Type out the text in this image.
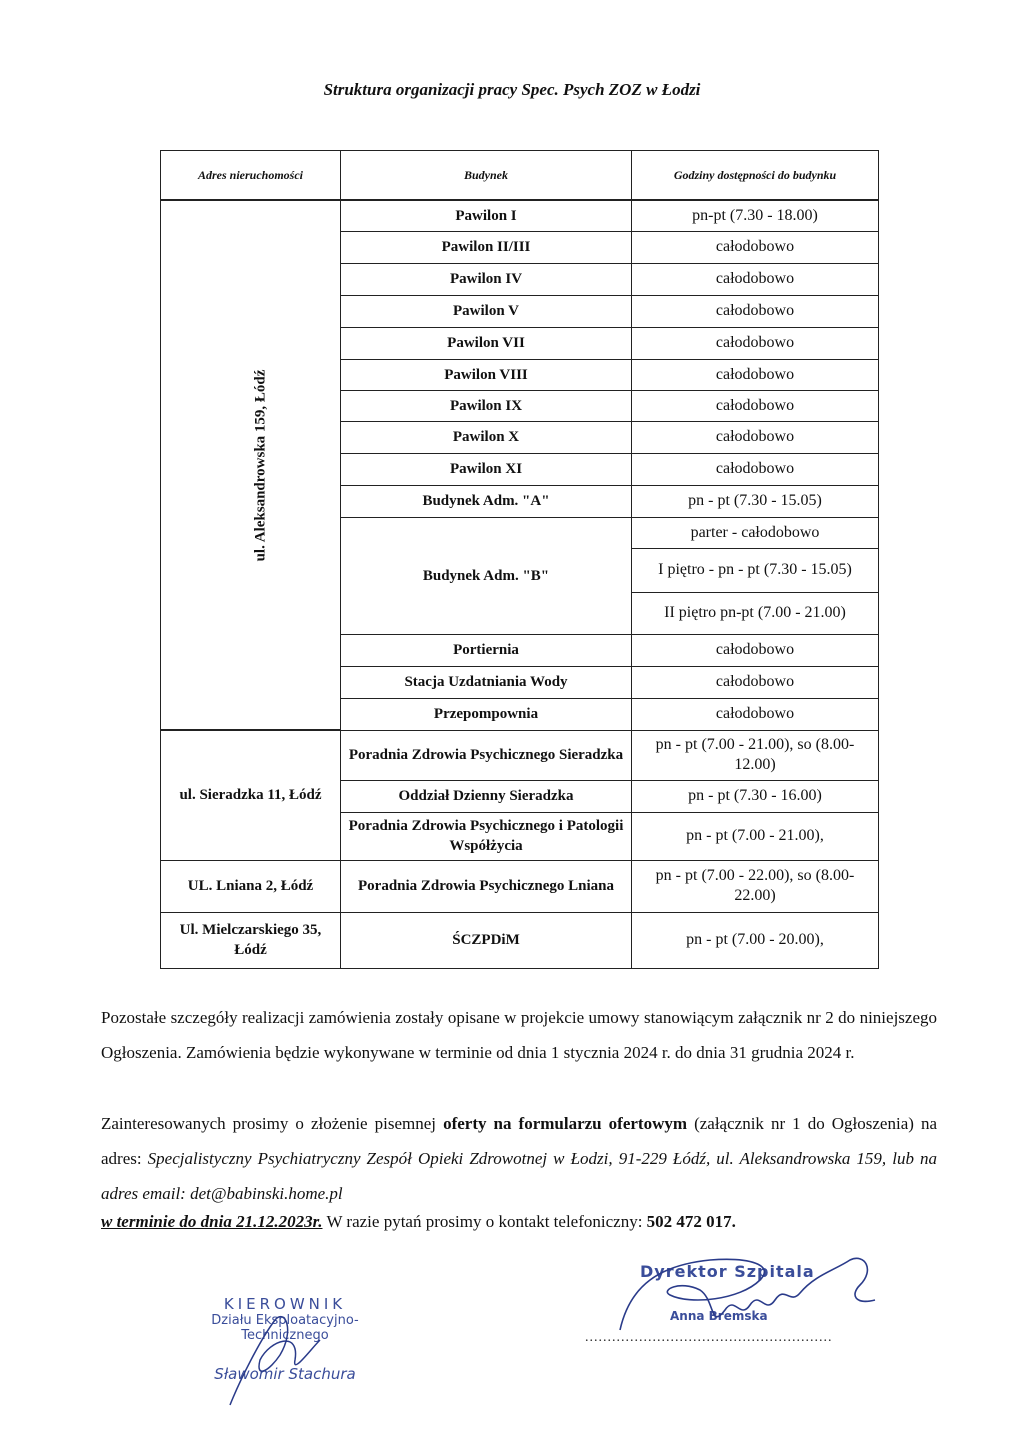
Struktura organizacji pracy Spec. Psych ZOZ w Łodzi
Adres nieruchomości	Budynek	Godziny dostępności do budynku
ul. Aleksandrowska 159, Łódź	Pawilon I	pn-pt (7.30 - 18.00)
	Pawilon II/III	całodobowo
	Pawilon IV	całodobowo
	Pawilon V	całodobowo
	Pawilon VII	całodobowo
	Pawilon VIII	całodobowo
	Pawilon IX	całodobowo
	Pawilon X	całodobowo
	Pawilon XI	całodobowo
	Budynek Adm. "A"	pn - pt (7.30 - 15.05)
	Budynek Adm. "B"	parter - całodobowo
		I piętro - pn - pt (7.30 - 15.05)
		II piętro pn-pt (7.00 - 21.00)
	Portiernia	całodobowo
	Stacja Uzdatniania Wody	całodobowo
	Przepompownia	całodobowo
ul. Sieradzka 11, Łódź	Poradnia Zdrowia Psychicznego Sieradzka	pn - pt (7.00 - 21.00), so (8.00-12.00)
	Oddział Dzienny Sieradzka	pn - pt (7.30 - 16.00)
	Poradnia Zdrowia Psychicznego i Patologii Współżycia	pn - pt (7.00 - 21.00),
UL. Lniana 2, Łódź	Poradnia Zdrowia Psychicznego Lniana	pn - pt (7.00 - 22.00), so (8.00-22.00)
Ul. Mielczarskiego 35, Łódź	ŚCZPDiM	pn - pt (7.00 - 20.00),
Pozostałe szczegóły realizacji zamówienia zostały opisane w projekcie umowy stanowiącym załącznik nr 2 do niniejszego Ogłoszenia. Zamówienia będzie wykonywane w terminie od dnia 1 stycznia 2024 r. do dnia 31 grudnia 2024 r.
Zainteresowanych prosimy o złożenie pisemnej oferty na formularzu ofertowym (załącznik nr 1 do Ogłoszenia) na adres: Specjalistyczny Psychiatryczny Zespół Opieki Zdrowotnej w Łodzi, 91-229 Łódź, ul. Aleksandrowska 159, lub na adres email: det@babinski.home.pl
w terminie do dnia 21.12.2023r. W razie pytań prosimy o kontakt telefoniczny: 502 472 017.
KIEROWNIK
Działu Eksploatacyjno-Technicznego
Sławomir Stachura
Dyrektor Szpitala
Anna Bremska
.......................................................
